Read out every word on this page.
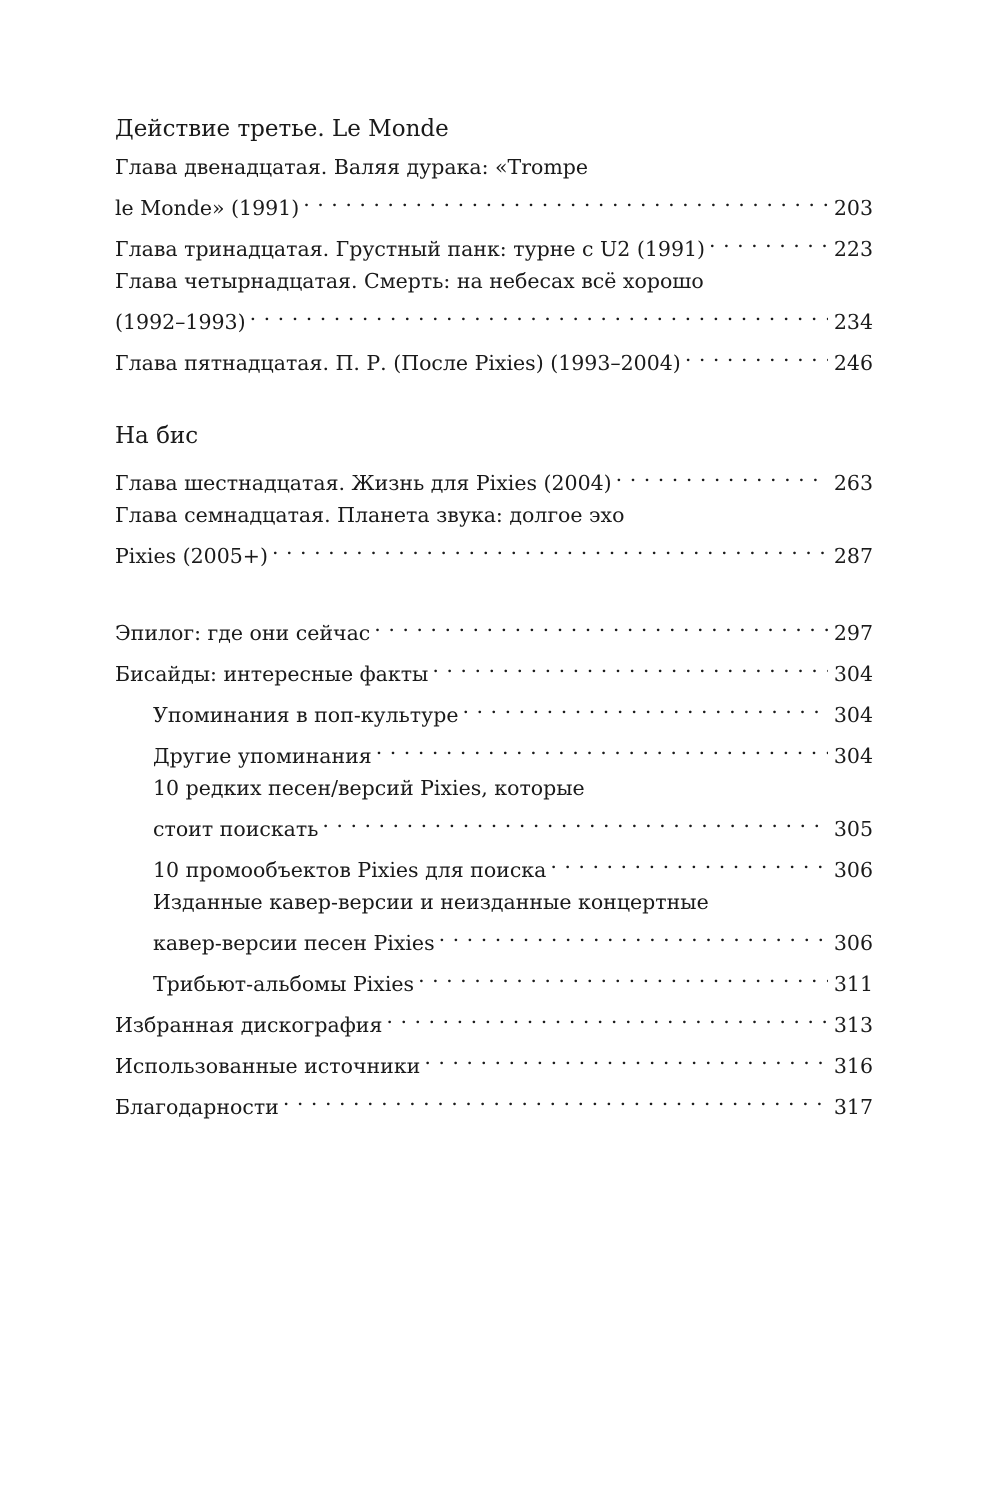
Действие третье. Le Monde
Глава двенадцатая. Валяя дурака: «Trompe
le Monde» (1991) . . .	203
Глава тринадцатая. Грустный панк: турне с U2 (1991) . . .	223
Глава четырнадцатая. Смерть: на небесах всё хорошо
(1992–1993) . . .	234
Глава пятнадцатая. П. Р. (После Pixies) (1993–2004) . . .	246
На бис
Глава шестнадцатая. Жизнь для Pixies (2004) . . .	263
Глава семнадцатая. Планета звука: долгое эхо
Pixies (2005+) . . .	287
Эпилог: где они сейчас . . .	297
Бисайды: интересные факты . . .	304
Упоминания в поп-культуре . . .	304
Другие упоминания . . .	304
10 редких песен/версий Pixies, которые
стоит поискать . . .	305
10 промообъектов Pixies для поиска . . .	306
Изданные кавер-версии и неизданные концертные
кавер-версии песен Pixies . . .	306
Трибьют-альбомы Pixies . . .	311
Избранная дискография . . .	313
Использованные источники . . .	316
Благодарности . . .	317
